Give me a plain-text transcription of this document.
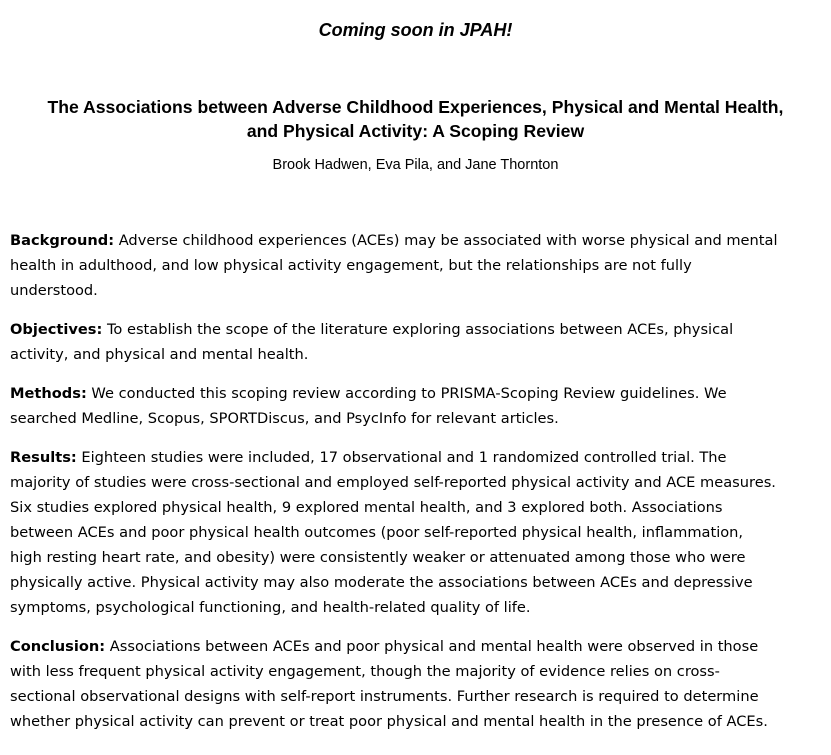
Coming soon in JPAH!
The Associations between Adverse Childhood Experiences, Physical and Mental Health,
and Physical Activity: A Scoping Review
Brook Hadwen, Eva Pila, and Jane Thornton

Background: Adverse childhood experiences (ACEs) may be associated with worse physical and mental
health in adulthood, and low physical activity engagement, but the relationships are not fully
understood.

Objectives: To establish the scope of the literature exploring associations between ACEs, physical
activity, and physical and mental health.

Methods: We conducted this scoping review according to PRISMA-Scoping Review guidelines. We
searched Medline, Scopus, SPORTDiscus, and PsycInfo for relevant articles.

Results: Eighteen studies were included, 17 observational and 1 randomized controlled trial. The
majority of studies were cross-sectional and employed self-reported physical activity and ACE measures.
Six studies explored physical health, 9 explored mental health, and 3 explored both. Associations
between ACEs and poor physical health outcomes (poor self-reported physical health, inflammation,
high resting heart rate, and obesity) were consistently weaker or attenuated among those who were
physically active. Physical activity may also moderate the associations between ACEs and depressive
symptoms, psychological functioning, and health-related quality of life.

Conclusion: Associations between ACEs and poor physical and mental health were observed in those
with less frequent physical activity engagement, though the majority of evidence relies on cross-
sectional observational designs with self-report instruments. Further research is required to determine
whether physical activity can prevent or treat poor physical and mental health in the presence of ACEs.
